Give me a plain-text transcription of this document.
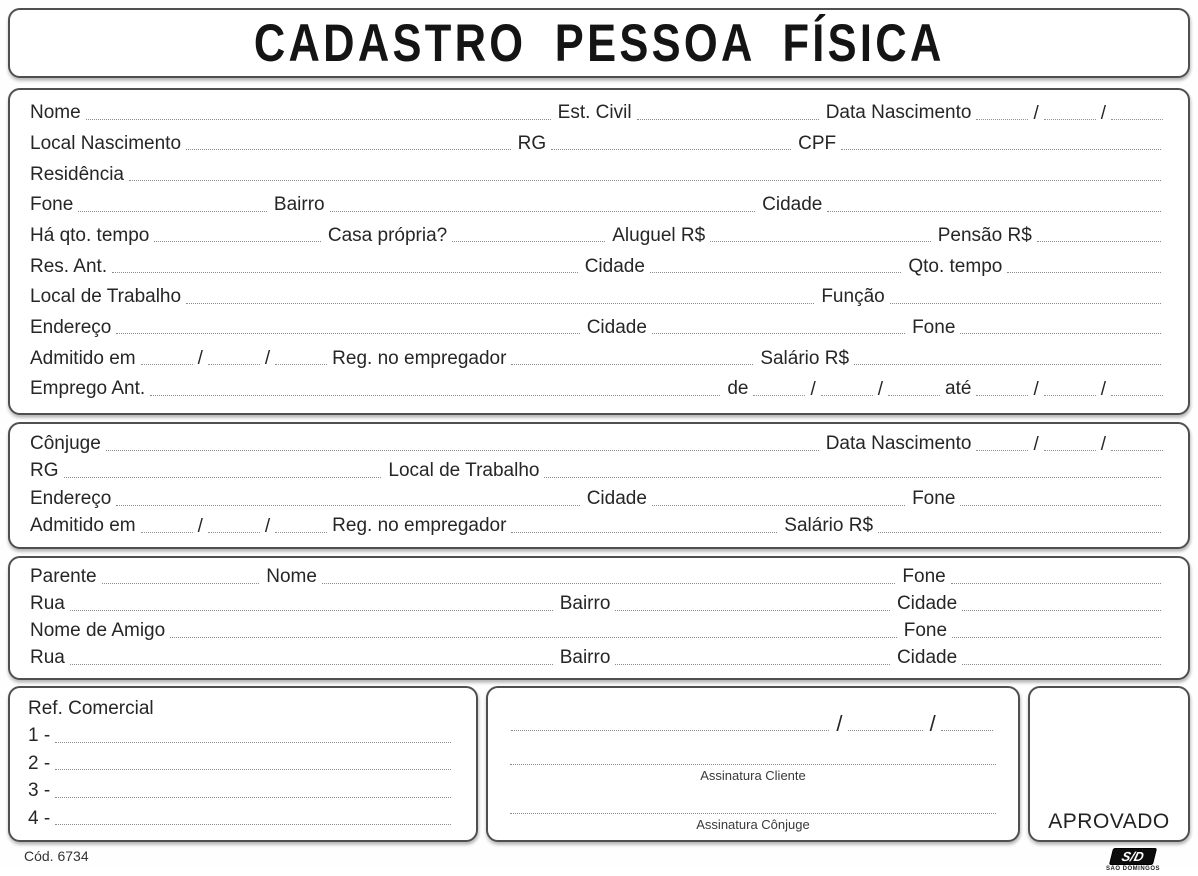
CADASTRO PESSOA FÍSICA
Nome	Est. Civil	Data Nascimento	/	/
Local Nascimento	RG	CPF
Residência
Fone	Bairro	Cidade
Há qto. tempo	Casa própria?	Aluguel R$	Pensão R$
Res. Ant.	Cidade	Qto. tempo
Local de Trabalho	Função
Endereço	Cidade	Fone
Admitido em	/	/	Reg. no empregador	Salário R$
Emprego Ant.	de	/	/	até	/	/
Cônjuge	Data Nascimento	/	/
RG	Local de Trabalho
Endereço	Cidade	Fone
Admitido em	/	/	Reg. no empregador	Salário R$
Parente	Nome	Fone
Rua	Bairro	Cidade
Nome de Amigo	Fone
Rua	Bairro	Cidade
Ref. Comercial
1 -
2 -
3 -
4 -
/	/
Assinatura Cliente
Assinatura Cônjuge	APROVADO
Cód. 6734	S/D
SÃO DOMINGOS
